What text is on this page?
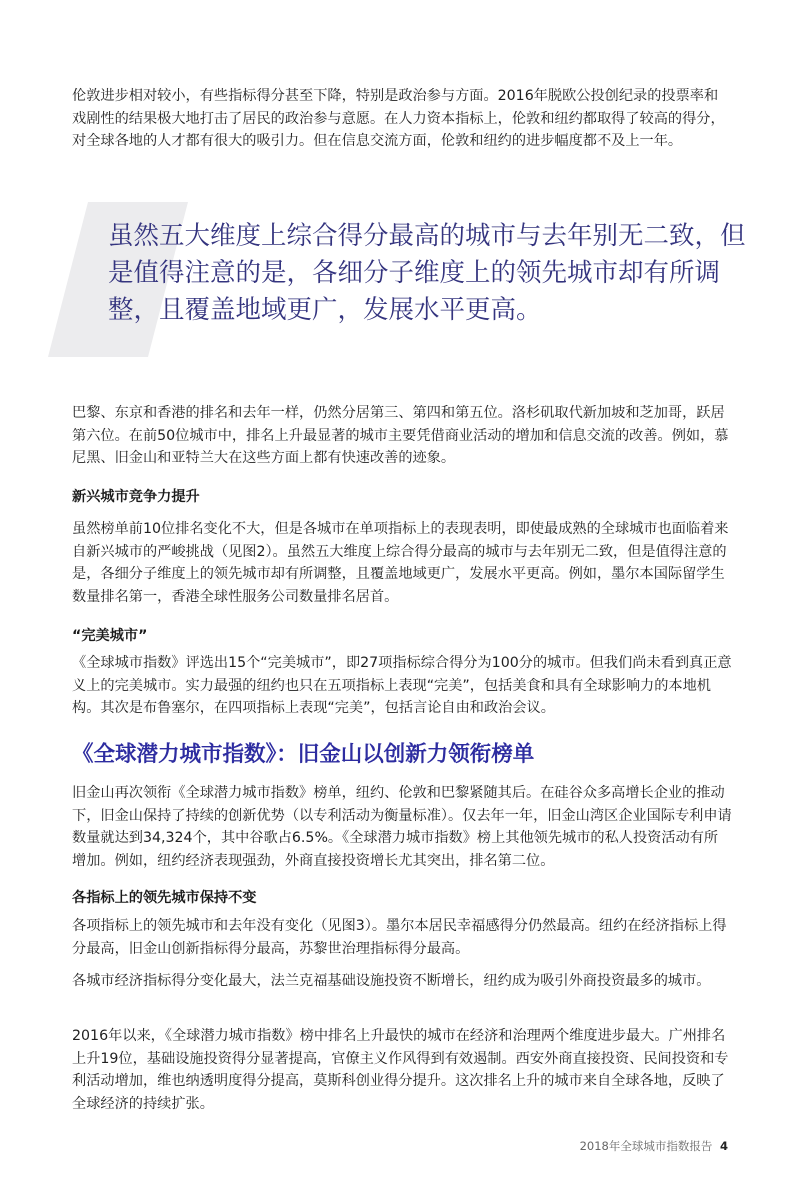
伦敦进步相对较小，有些指标得分甚至下降，特别是政治参与方面。2016年脱欧公投创纪录的投票率和戏剧性的结果极大地打击了居民的政治参与意愿。在人力资本指标上，伦敦和纽约都取得了较高的得分，对全球各地的人才都有很大的吸引力。但在信息交流方面，伦敦和纽约的进步幅度都不及上一年。

虽然五大维度上综合得分最高的城市与去年别无二致，但是值得注意的是，各细分子维度上的领先城市却有所调整，且覆盖地域更广，发展水平更高。

巴黎、东京和香港的排名和去年一样，仍然分居第三、第四和第五位。洛杉矶取代新加坡和芝加哥，跃居第六位。在前50位城市中，排名上升最显著的城市主要凭借商业活动的增加和信息交流的改善。例如，慕尼黑、旧金山和亚特兰大在这些方面上都有快速改善的迹象。

新兴城市竞争力提升

虽然榜单前10位排名变化不大，但是各城市在单项指标上的表现表明，即使最成熟的全球城市也面临着来自新兴城市的严峻挑战（见图2）。虽然五大维度上综合得分最高的城市与去年别无二致，但是值得注意的是，各细分子维度上的领先城市却有所调整，且覆盖地域更广，发展水平更高。例如，墨尔本国际留学生数量排名第一，香港全球性服务公司数量排名居首。

“完美城市”

《全球城市指数》评选出15个“完美城市”，即27项指标综合得分为100分的城市。但我们尚未看到真正意义上的完美城市。实力最强的纽约也只在五项指标上表现“完美”，包括美食和具有全球影响力的本地机构。其次是布鲁塞尔，在四项指标上表现“完美”，包括言论自由和政治会议。

《全球潜力城市指数》：旧金山以创新力领衔榜单

旧金山再次领衔《全球潜力城市指数》榜单，纽约、伦敦和巴黎紧随其后。在硅谷众多高增长企业的推动下，旧金山保持了持续的创新优势（以专利活动为衡量标准）。仅去年一年，旧金山湾区企业国际专利申请数量就达到34,324个，其中谷歌占6.5%。《全球潜力城市指数》榜上其他领先城市的私人投资活动有所增加。例如，纽约经济表现强劲，外商直接投资增长尤其突出，排名第二位。

各指标上的领先城市保持不变

各项指标上的领先城市和去年没有变化（见图3）。墨尔本居民幸福感得分仍然最高。纽约在经济指标上得分最高，旧金山创新指标得分最高，苏黎世治理指标得分最高。

各城市经济指标得分变化最大，法兰克福基础设施投资不断增长，纽约成为吸引外商投资最多的城市。

2016年以来，《全球潜力城市指数》榜中排名上升最快的城市在经济和治理两个维度进步最大。广州排名上升19位，基础设施投资得分显著提高，官僚主义作风得到有效遏制。西安外商直接投资、民间投资和专利活动增加，维也纳透明度得分提高，莫斯科创业得分提升。这次排名上升的城市来自全球各地，反映了全球经济的持续扩张。

2018年全球城市指数报告 4
